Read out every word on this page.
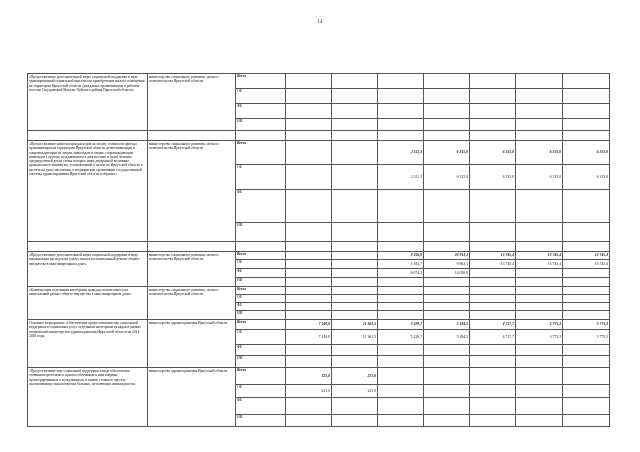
14
«Предоставление дополнительной меры социальной поддержки в виде единовременной социальной выплаты на приобретение жилого помещения на территории Иркутской области гражданам, проживающим в рабочем поселке Сидоровский Мамско-Чуйского района Иркутской области»	министерство социального развития, опеки и попечительства Иркутской области	Всего							
		ОБ							
		ФБ							
		ИИ							

«Предоставление компенсации расходов на оплату стоимости проезда проживающим на территории Иркутской области детям-инвалидам и сопровождающим их лицам, инвалидам и лицам, сопровождающим инвалидов I группы, нуждающимся в диагностике и (или) лечении, среднедушевой доход семьи которых ниже двукратной величины прожиточного минимума, установленной в целом по Иркутской области в расчете на душу населения, в медицинские организации государственной системы здравоохранения Иркутской области и обратно»	министерство социального развития, опеки и попечительства Иркутской области	Всего			2 511,3	6 315,0	6 315,0	6 315,0	6 315,0
		ОБ			2 511,3	6 315,0	6 315,0	6 315,0	6 315,0
		ФБ							
		ИИ							

«Предоставление дополнительной меры социальной поддержки в виде компенсации расходов на уплату взноса на капитальный ремонт общего имущества в многоквартирном доме»	министерство социального развития, опеки и попечительства Иркутской области	Всего			9 256,9	23 913,1	13 745,4	13 745,4	13 745,4
		ОБ			3 182,7	9 863,1	13 745,4	13 745,4	13 745,4
		ФБ			6 074,2	14 050,0			
		ИИ							
«Компенсация отдельным категориям граждан оплаты взноса на капитальный ремонт общего имущества в многоквартирном доме»	министерство социального развития, опеки и попечительства Иркутской области	Всего							
		ОБ							
		ФБ							
		ИИ							
Основное мероприятие «Обеспечение предоставления мер социальной поддержки и социальных услуг отдельным категориям граждан в рамках полномочий министерства здравоохранения Иркутской области на 2014-2020 годы	министерство здравоохранения Иркутской области	Всего	7 149,0	11 361,5	5 229,7	5 184,5	4 717,7	3 775,3	3 775,3
		ОБ	7 149,0	11 361,5	5 229,7	5 184,5	4 717,7	3 775,3	3 775,3
		ФБ							
		ИИ							
«Предоставление мер социальной поддержки в виде обеспечения стомными протезами и приспособлениями к ним впервые прооперированных и нуждающихся в замене стомного протеза паллиативному онкологически больных, не имеющих инвалидности»	министерство здравоохранения Иркутской области	Всего	221,0	221,0					
		ОБ	221,0	221,0					
		ФБ							
		ИИ							
